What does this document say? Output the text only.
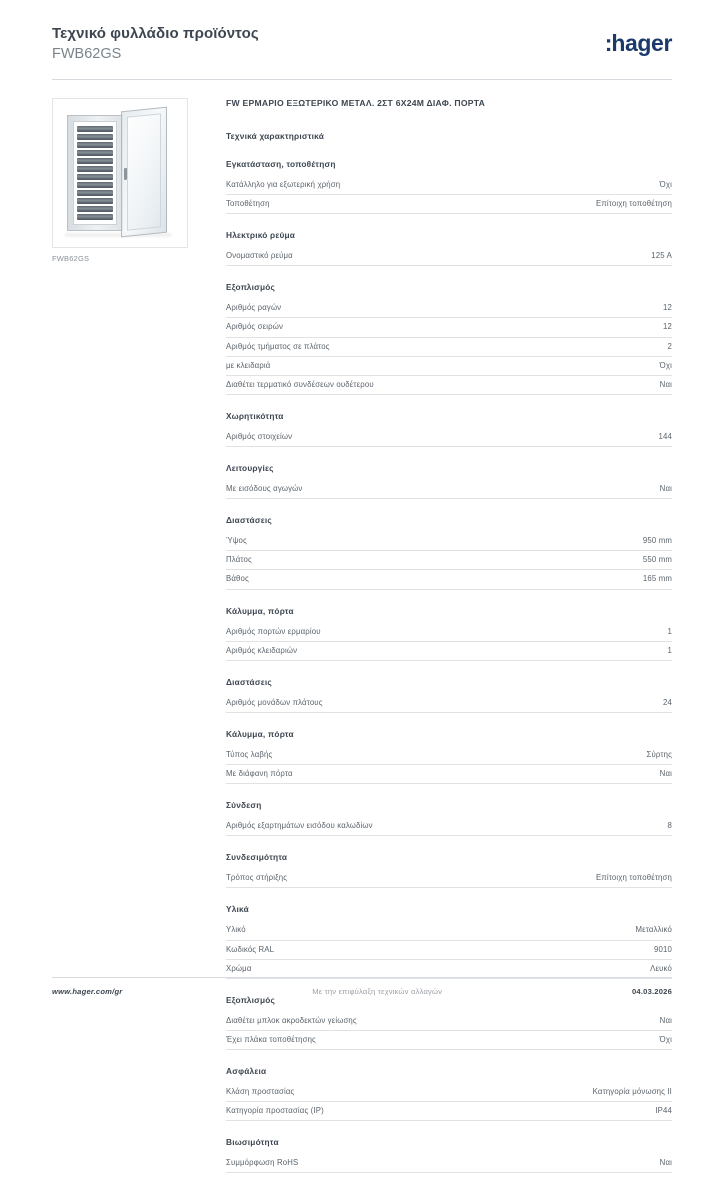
Τεχνικό φυλλάδιο προϊόντος
FWB62GS	:hager
FWB62GS
FW ΕΡΜΑΡΙΟ ΕΞΩΤΕΡΙΚΟ ΜΕΤΑΛ. 2ΣΤ 6Χ24Μ ΔΙΑΦ. ΠΟΡΤΑ
Τεχνικά χαρακτηριστικά
Εγκατάσταση, τοποθέτηση
Κατάλληλο για εξωτερική χρήση	Όχι
Τοποθέτηση	Επίτοιχη τοποθέτηση
Ηλεκτρικό ρεύμα
Ονομαστικό ρεύμα	125 A
Εξοπλισμός
Αριθμός ραγών	12
Αριθμός σειρών	12
Αριθμός τμήματος σε πλάτος	2
με κλειδαριά	Όχι
Διαθέτει τερματικό συνδέσεων ουδέτερου	Ναι
Χωρητικότητα
Αριθμός στοιχείων	144
Λειτουργίες
Με εισόδους αγωγών	Ναι
Διαστάσεις
Ύψος	950 mm
Πλάτος	550 mm
Βάθος	165 mm
Κάλυμμα, πόρτα
Αριθμός πορτών ερμαρίου	1
Αριθμός κλειδαριών	1
Διαστάσεις
Αριθμός μονάδων πλάτους	24
Κάλυμμα, πόρτα
Τύπος λαβής	Σύρτης
Με διάφανη πόρτα	Ναι
Σύνδεση
Αριθμός εξαρτημάτων εισόδου καλωδίων	8
Συνδεσιμότητα
Τρόπος στήριξης	Επίτοιχη τοποθέτηση
Υλικά
Υλικό	Μεταλλικό
Κωδικός RAL	9010
Χρώμα	Λευκό
Εξοπλισμός
Διαθέτει μπλοκ ακροδεκτών γείωσης	Ναι
Έχει πλάκα τοποθέτησης	Όχι
Ασφάλεια
Κλάση προστασίας	Κατηγορία μόνωσης II
Κατηγορία προστασίας (IP)	IP44
Βιωσιμότητα
Συμμόρφωση RoHS	Ναι
www.hager.com/gr	Με την επιφύλαξη τεχνικών αλλαγών	04.03.2026
